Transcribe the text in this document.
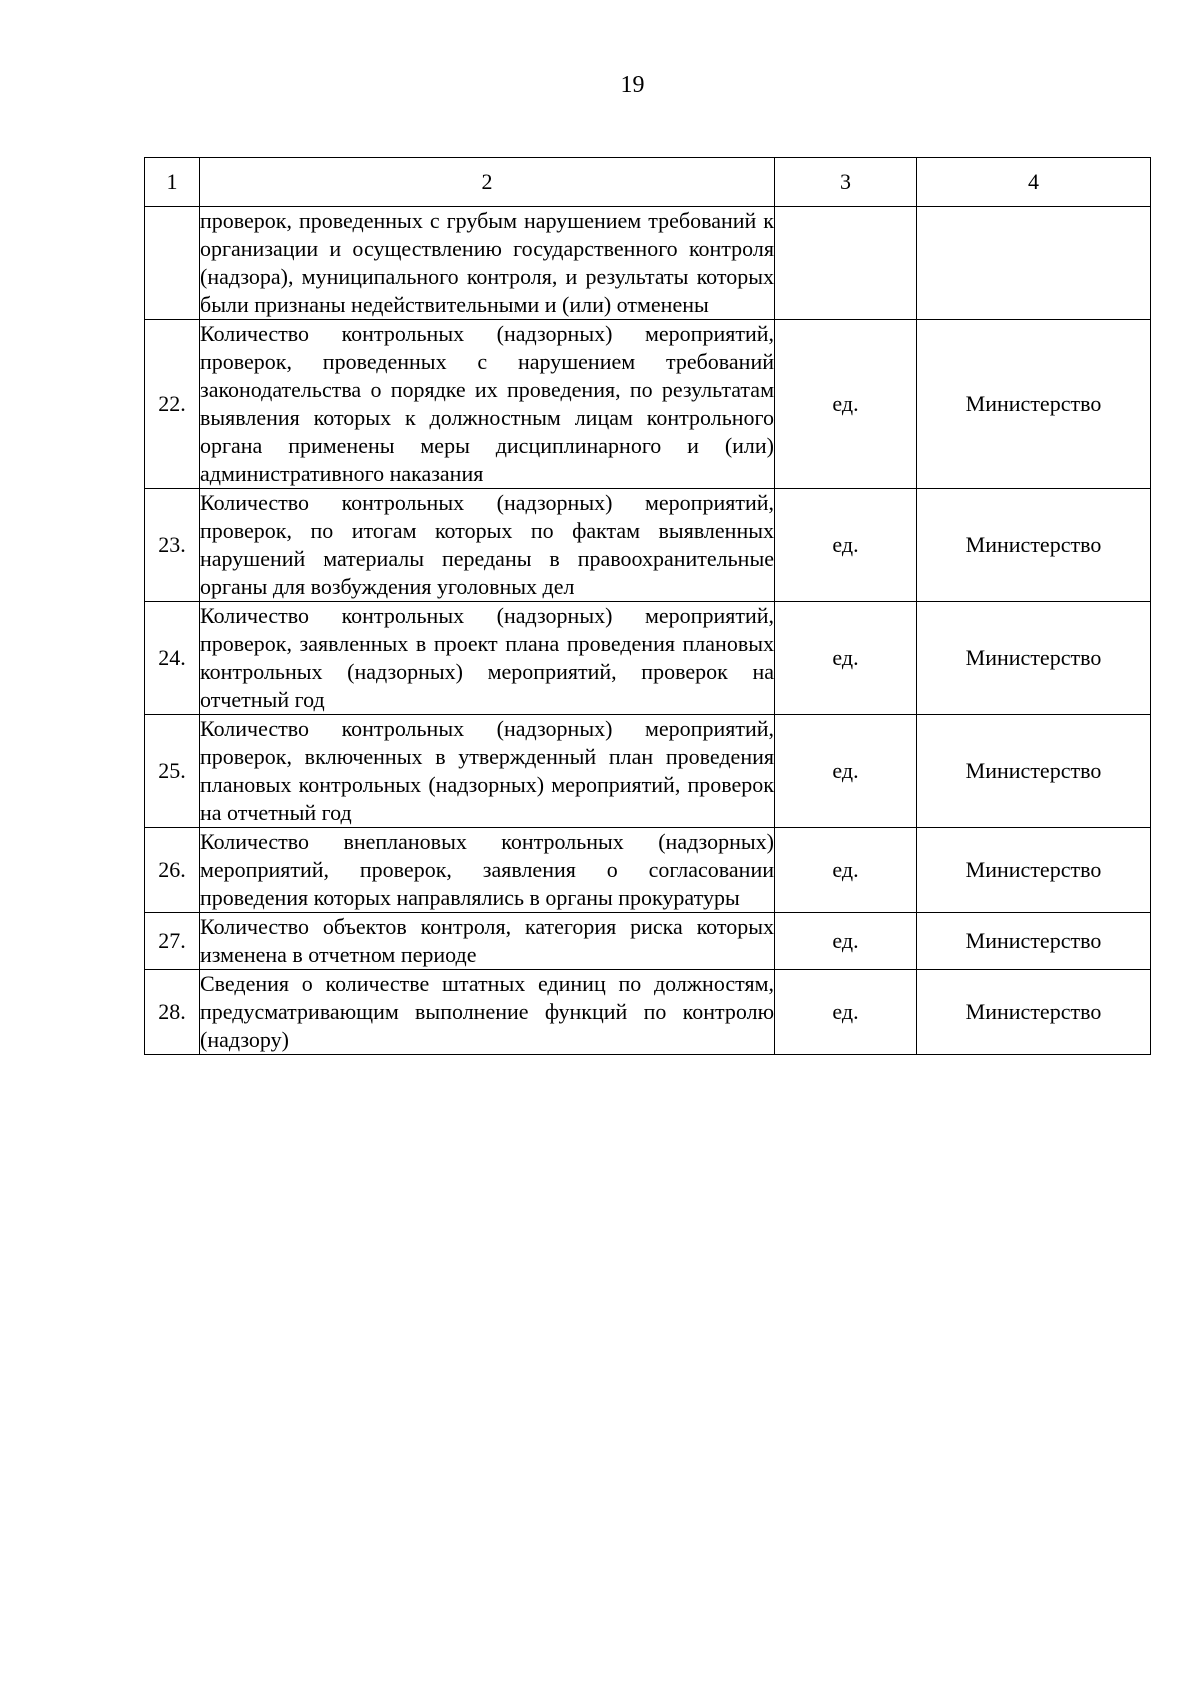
19
1	2	3	4
	проверок, проведенных с грубым нарушением требований к организации и осуществлению государственного контроля (надзора), муниципального контроля, и результаты которых были признаны недействительными и (или) отменены		
22.	Количество контрольных (надзорных) мероприятий, проверок, проведенных с нарушением требований законодательства о порядке их проведения, по результатам выявления которых к должностным лицам контрольного органа применены меры дисциплинарного и (или) административного наказания	ед.	Министерство
23.	Количество контрольных (надзорных) мероприятий, проверок, по итогам которых по фактам выявленных нарушений материалы переданы в правоохранительные органы для возбуждения уголовных дел	ед.	Министерство
24.	Количество контрольных (надзорных) мероприятий, проверок, заявленных в проект плана проведения плановых контрольных (надзорных) мероприятий, проверок на отчетный год	ед.	Министерство
25.	Количество контрольных (надзорных) мероприятий, проверок, включенных в утвержденный план проведения плановых контрольных (надзорных) мероприятий, проверок на отчетный год	ед.	Министерство
26.	Количество внеплановых контрольных (надзорных) мероприятий, проверок, заявления о согласовании проведения которых направлялись в органы прокуратуры	ед.	Министерство
27.	Количество объектов контроля, категория риска которых изменена в отчетном периоде	ед.	Министерство
28.	Сведения о количестве штатных единиц по должностям, предусматривающим выполнение функций по контролю (надзору)	ед.	Министерство
